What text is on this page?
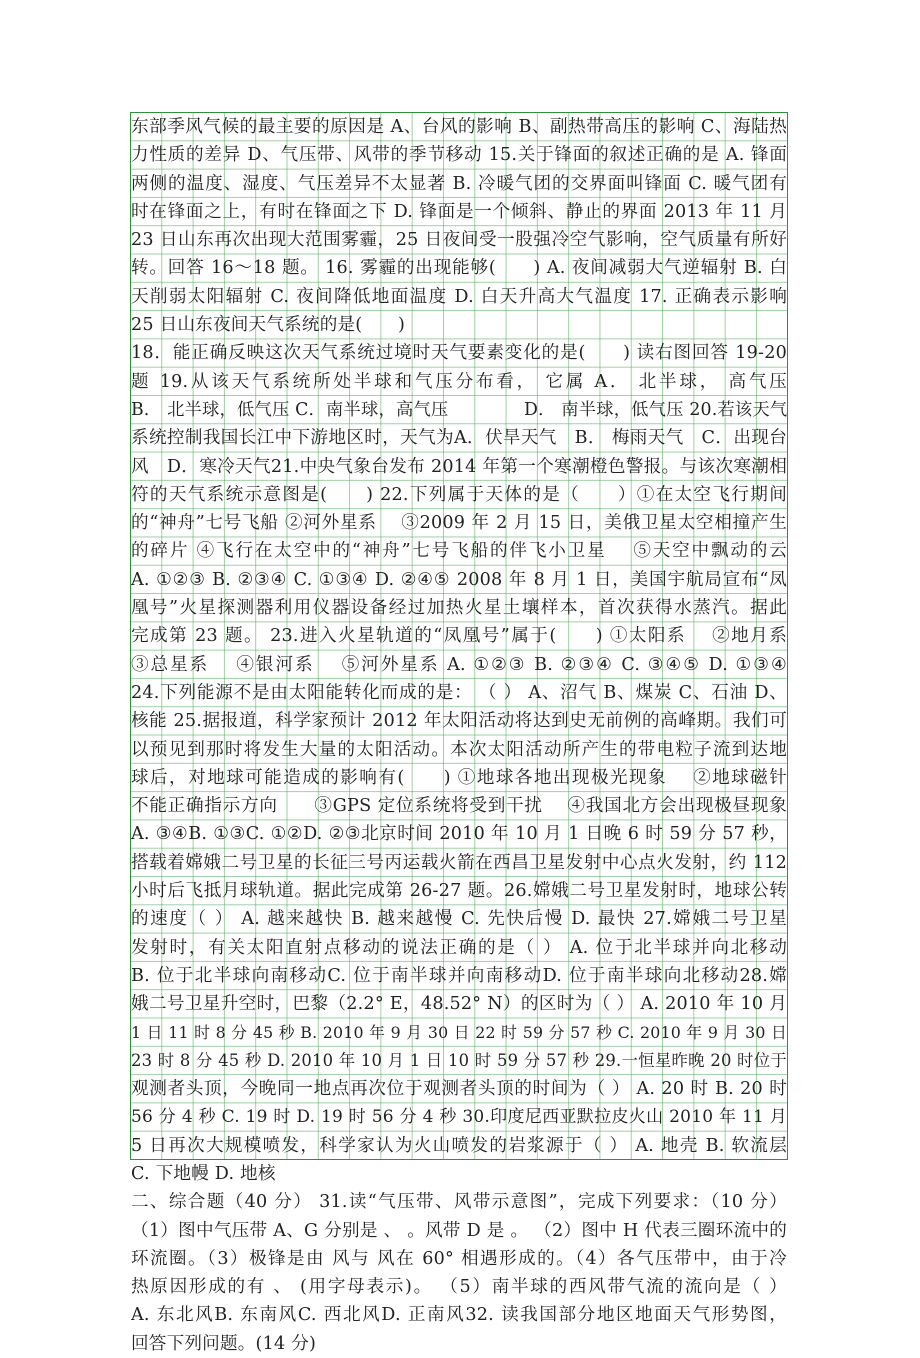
东部季风气候的最主要的原因是 A、台风的影响 B、副热带高压的影响 C、海陆热
力性质的差异 D、气压带、风带的季节移动 15.关于锋面的叙述正确的是 A. 锋面
两侧的温度、湿度、气压差异不太显著 B. 冷暖气团的交界面叫锋面 C. 暖气团有
时在锋面之上，有时在锋面之下 D. 锋面是一个倾斜、静止的界面 2013 年 11 月
23 日山东再次出现大范围雾霾，25 日夜间受一股强冷空气影响，空气质量有所好
转。回答 16～18 题。 16. 雾霾的出现能够(　　) A. 夜间减弱大气逆辐射 B. 白
天削弱太阳辐射 C. 夜间降低地面温度 D. 白天升高大气温度 17. 正确表示影响
25 日山东夜间天气系统的是(　　)
18．能正确反映这次天气系统过境时天气要素变化的是(　　) 读右图回答 19-20
题 19.从该天气系统所处半球和气压分布看， 它属 A． 北半球， 高气压
B． 北半球，低气压 C．南半球，高气压　　　　 D． 南半球，低气压 20.若该天气
系统控制我国长江中下游地区时，天气为A．伏旱天气　B． 梅雨天气　C．出现台
风　D．寒冷天气21.中央气象台发布 2014 年第一个寒潮橙色警报。与该次寒潮相
符的天气系统示意图是(　　) 22.下列属于天体的是（　　）①在太空飞行期间
的“神舟”七号飞船 ②河外星系　 ③2009 年 2 月 15 日，美俄卫星太空相撞产生
的碎片 ④飞行在太空中的“神舟”七号飞船的伴飞小卫星　 ⑤天空中飘动的云
A. ①②③ B. ②③④ C. ①③④ D. ②④⑤ 2008 年 8 月 1 日，美国宇航局宣布“凤
凰号”火星探测器利用仪器设备经过加热火星土壤样本，首次获得水蒸汽。据此
完成第 23 题。 23.进入火星轨道的“凤凰号”属于(　　) ①太阳系　 ②地月系
③总星系　 ④银河系　 ⑤河外星系 A. ①②③ B. ②③④ C. ③④⑤ D. ①③④
24.下列能源不是由太阳能转化而成的是： （ ） A、沼气 B、煤炭 C、石油 D、
核能 25.据报道，科学家预计 2012 年太阳活动将达到史无前例的高峰期。我们可
以预见到那时将发生大量的太阳活动。本次太阳活动所产生的带电粒子流到达地
球后，对地球可能造成的影响有(　　) ①地球各地出现极光现象　 ②地球磁针
不能正确指示方向　　③GPS 定位系统将受到干扰　 ④我国北方会出现极昼现象
A. ③④B. ①③C. ①②D. ②③北京时间 2010 年 10 月 1 日晚 6 时 59 分 57 秒，
搭载着嫦娥二号卫星的长征三号丙运载火箭在西昌卫星发射中心点火发射，约 112
小时后飞抵月球轨道。据此完成第 26-27 题。26.嫦娥二号卫星发射时，地球公转
的速度（ ） A. 越来越快 B. 越来越慢 C. 先快后慢 D. 最快 27.嫦娥二号卫星
发射时，有关太阳直射点移动的说法正确的是（ ） A. 位于北半球并向北移动
B. 位于北半球向南移动C. 位于南半球并向南移动D. 位于南半球向北移动28.嫦
娥二号卫星升空时，巴黎（2.2° E，48.52° N）的区时为（ ） A. 2010 年 10 月
1 日 11 时 8 分 45 秒 B. 2010 年 9 月 30 日 22 时 59 分 57 秒 C. 2010 年 9 月 30 日
23 时 8 分 45 秒 D. 2010 年 10 月 1 日 10 时 59 分 57 秒 29.一恒星昨晚 20 时位于
观测者头顶，今晚同一地点再次位于观测者头顶的时间为（ ） A. 20 时 B. 20 时
56 分 4 秒 C. 19 时 D. 19 时 56 分 4 秒 30.印度尼西亚默拉皮火山 2010 年 11 月
5 日再次大规模喷发，科学家认为火山喷发的岩浆源于（ ） A. 地壳 B. 软流层
C. 下地幔 D. 地核
二、综合题（40 分） 31.读“气压带、风带示意图”，完成下列要求：（10 分）
（1）图中气压带 A、G 分别是 、 。风带 D 是 。 （2）图中 H 代表三圈环流中的
环流圈。（3）极锋是由 风与 风在 60° 相遇形成的。（4）各气压带中，由于冷
热原因形成的有 、 (用字母表示)。 （5）南半球的西风带气流的流向是（ ）
A. 东北风B. 东南风C. 西北风D. 正南风32. 读我国部分地区地面天气形势图，
回答下列问题。(14 分)
